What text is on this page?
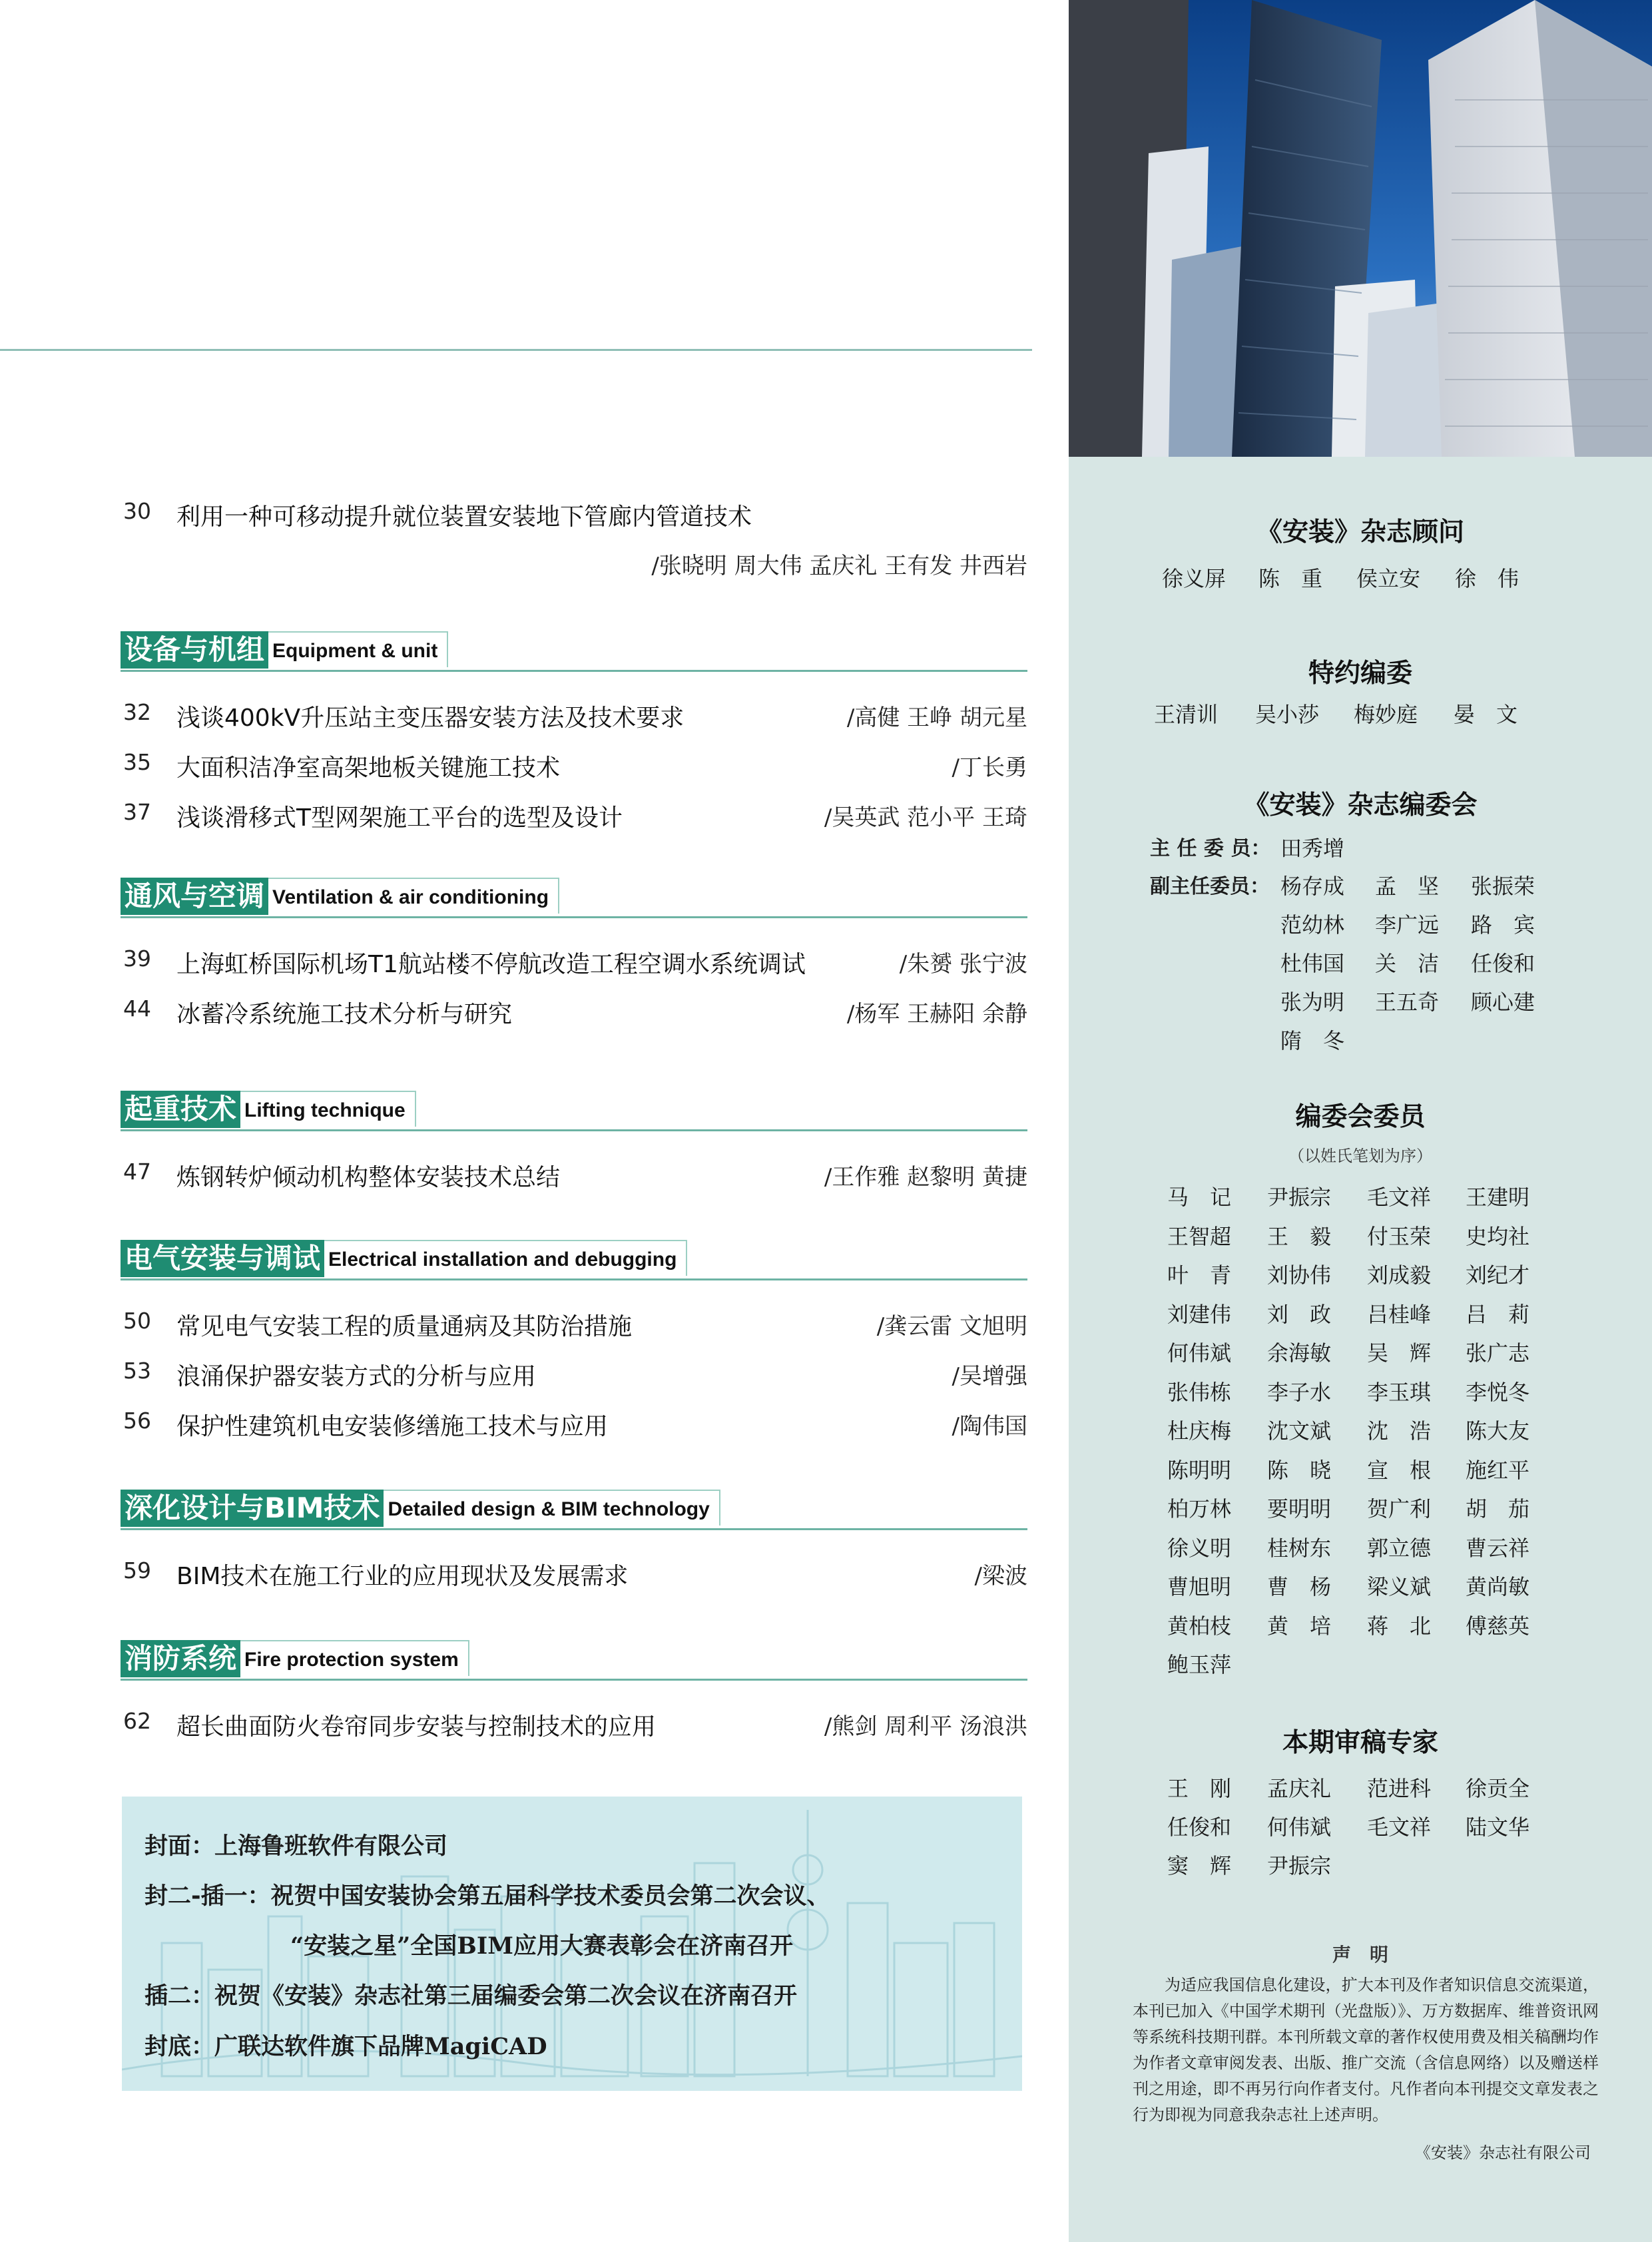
30 利用一种可移动提升就位装置安装地下管廊内管道技术
/张晓明 周大伟 孟庆礼 王有发 井西岩
设备与机组 Equipment & unit
32 浅谈400kV升压站主变压器安装方法及技术要求	/高健 王峥 胡元星
35 大面积洁净室高架地板关键施工技术	/丁长勇
37 浅谈滑移式T型网架施工平台的选型及设计	/吴英武 范小平 王琦
通风与空调 Ventilation & air conditioning
39 上海虹桥国际机场T1航站楼不停航改造工程空调水系统调试	/朱赟 张宁波
44 冰蓄冷系统施工技术分析与研究	/杨军 王赫阳 余静
起重技术 Lifting technique
47 炼钢转炉倾动机构整体安装技术总结	/王作雅 赵黎明 黄捷
电气安装与调试 Electrical installation and debugging
50 常见电气安装工程的质量通病及其防治措施	/龚云雷 文旭明
53 浪涌保护器安装方式的分析与应用	/吴增强
56 保护性建筑机电安装修缮施工技术与应用	/陶伟国
深化设计与BIM技术 Detailed design & BIM technology
59 BIM技术在施工行业的应用现状及发展需求	/梁波
消防系统 Fire protection system
62 超长曲面防火卷帘同步安装与控制技术的应用	/熊剑 周利平 汤浪洪
封面：上海鲁班软件有限公司
封二-插一：祝贺中国安装协会第五届科学技术委员会第二次会议、
“安装之星”全国BIM应用大赛表彰会在济南召开
插二：祝贺《安装》杂志社第三届编委会第二次会议在济南召开
封底：广联达软件旗下品牌MagiCAD
《安装》杂志顾问
徐义屏 陈　重 侯立安 徐　伟
特约编委
王清训 吴小莎 梅妙庭 晏　文
《安装》杂志编委会
主 任 委 员： 田秀增
副主任委员： 杨存成 孟　坚 张振荣
范幼林 李广远 路　宾
杜伟国 关　洁 任俊和
张为明 王五奇 顾心建
隋　冬
编委会委员
（以姓氏笔划为序）
马　记 尹振宗 毛文祥 王建明
王智超 王　毅 付玉荣 史均社
叶　青 刘协伟 刘成毅 刘纪才
刘建伟 刘　政 吕桂峰 吕　莉
何伟斌 余海敏 吴　辉 张广志
张伟栋 李子水 李玉琪 李悦冬
杜庆梅 沈文斌 沈　浩 陈大友
陈明明 陈　晓 宣　根 施红平
柏万林 要明明 贺广利 胡　茄
徐义明 桂树东 郭立德 曹云祥
曹旭明 曹　杨 梁义斌 黄尚敏
黄柏枝 黄　培 蒋　北 傅慈英
鲍玉萍
本期审稿专家
王　刚 孟庆礼 范进科 徐贡全
任俊和 何伟斌 毛文祥 陆文华
窦　辉 尹振宗
声　明
为适应我国信息化建设，扩大本刊及作者知识信息交流渠道，本刊已加入《中国学术期刊（光盘版）》、万方数据库、维普资讯网等系统科技期刊群。本刊所载文章的著作权使用费及相关稿酬均作为作者文章审阅发表、出版、推广交流（含信息网络）以及赠送样刊之用途，即不再另行向作者支付。凡作者向本刊提交文章发表之行为即视为同意我杂志社上述声明。
《安装》杂志社有限公司
